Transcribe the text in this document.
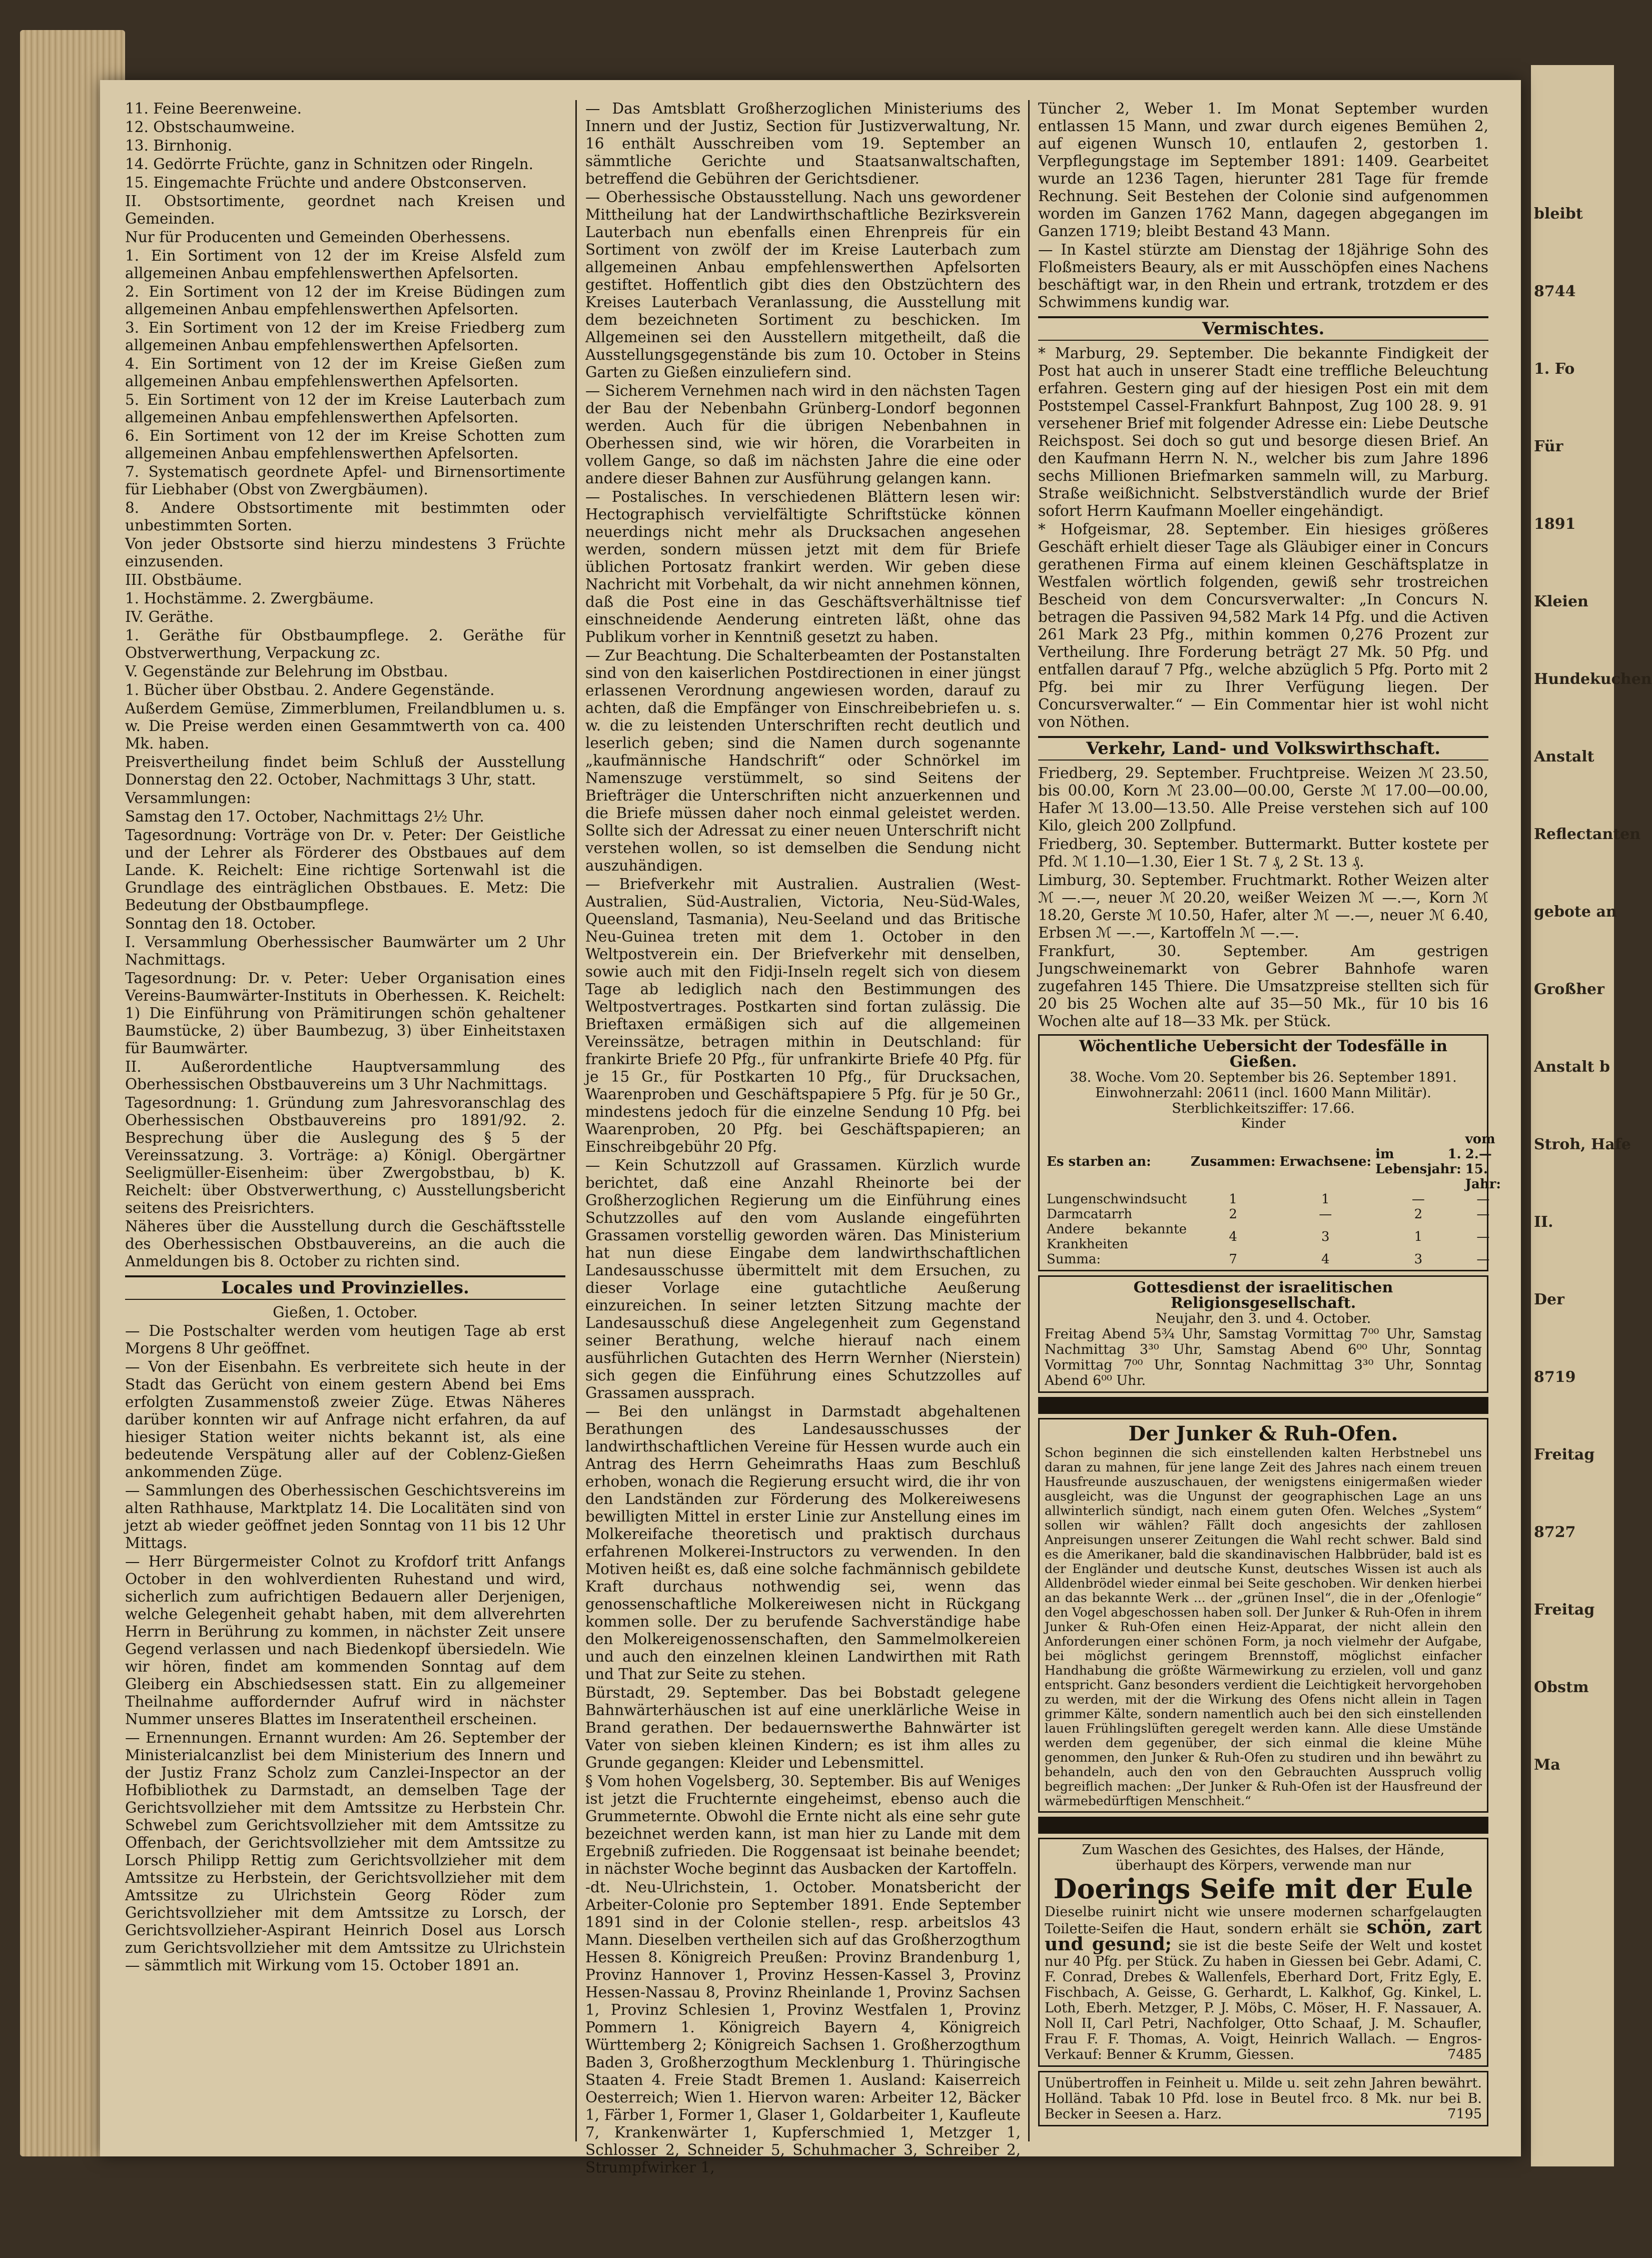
bleibt
8744
1. Fo
Für
1891
Kleien
Hundekuchen
Anstalt
Reflectanten
gebote an
Großher
Anstalt b
Stroh, Hafe
II.
Der
8719
Freitag
8727
Freitag
Obstm
Ma

11. Feine Beerenweine.

12. Obstschaumweine.

13. Birnhonig.

14. Gedörrte Früchte, ganz in Schnitzen oder Ringeln.

15. Eingemachte Früchte und andere Obstconserven.

II. Obstsortimente, geordnet nach Kreisen und Gemeinden.

Nur für Producenten und Gemeinden Oberhessens.

1. Ein Sortiment von 12 der im Kreise Alsfeld zum allgemeinen Anbau empfehlenswerthen Apfelsorten.

2. Ein Sortiment von 12 der im Kreise Büdingen zum allgemeinen Anbau empfehlenswerthen Apfelsorten.

3. Ein Sortiment von 12 der im Kreise Friedberg zum allgemeinen Anbau empfehlenswerthen Apfelsorten.

4. Ein Sortiment von 12 der im Kreise Gießen zum allgemeinen Anbau empfehlenswerthen Apfelsorten.

5. Ein Sortiment von 12 der im Kreise Lauterbach zum allgemeinen Anbau empfehlenswerthen Apfelsorten.

6. Ein Sortiment von 12 der im Kreise Schotten zum allgemeinen Anbau empfehlenswerthen Apfelsorten.

7. Systematisch geordnete Apfel- und Birnensortimente für Liebhaber (Obst von Zwergbäumen).

8. Andere Obstsortimente mit bestimmten oder unbestimmten Sorten.

Von jeder Obstsorte sind hierzu mindestens 3 Früchte einzusenden.

III. Obstbäume.

1. Hochstämme. 2. Zwergbäume.

IV. Geräthe.

1. Geräthe für Obstbaumpflege. 2. Geräthe für Obstverwerthung, Verpackung zc.

V. Gegenstände zur Belehrung im Obstbau.

1. Bücher über Obstbau. 2. Andere Gegenstände.

Außerdem Gemüse, Zimmerblumen, Freilandblumen u. s. w. Die Preise werden einen Gesammtwerth von ca. 400 Mk. haben.

Preisvertheilung findet beim Schluß der Ausstellung Donnerstag den 22. October, Nachmittags 3 Uhr, statt.

Versammlungen:

Samstag den 17. October, Nachmittags 2½ Uhr.

Tagesordnung: Vorträge von Dr. v. Peter: Der Geistliche und der Lehrer als Förderer des Obstbaues auf dem Lande. K. Reichelt: Eine richtige Sortenwahl ist die Grundlage des einträglichen Obstbaues. E. Metz: Die Bedeutung der Obstbaumpflege.

Sonntag den 18. October.

I. Versammlung Oberhessischer Baumwärter um 2 Uhr Nachmittags.

Tagesordnung: Dr. v. Peter: Ueber Organisation eines Vereins-Baumwärter-Instituts in Oberhessen. K. Reichelt: 1) Die Einführung von Prämitirungen schön gehaltener Baumstücke, 2) über Baumbezug, 3) über Einheitstaxen für Baumwärter.

II. Außerordentliche Hauptversammlung des Oberhessischen Obstbauvereins um 3 Uhr Nachmittags.

Tagesordnung: 1. Gründung zum Jahresvoranschlag des Oberhessischen Obstbauvereins pro 1891/92. 2. Besprechung über die Auslegung des § 5 der Vereinssatzung. 3. Vorträge: a) Königl. Obergärtner Seeligmüller-Eisenheim: über Zwergobstbau, b) K. Reichelt: über Obstverwerthung, c) Ausstellungsbericht seitens des Preisrichters.

Näheres über die Ausstellung durch die Geschäftsstelle des Oberhessischen Obstbauvereins, an die auch die Anmeldungen bis 8. October zu richten sind.

Locales und Provinzielles.

Gießen, 1. October.

— Die Postschalter werden vom heutigen Tage ab erst Morgens 8 Uhr geöffnet.

— Von der Eisenbahn. Es verbreitete sich heute in der Stadt das Gerücht von einem gestern Abend bei Ems erfolgten Zusammenstoß zweier Züge. Etwas Näheres darüber konnten wir auf Anfrage nicht erfahren, da auf hiesiger Station weiter nichts bekannt ist, als eine bedeutende Verspätung aller auf der Coblenz-Gießen ankommenden Züge.

— Sammlungen des Oberhessischen Geschichtsvereins im alten Rathhause, Marktplatz 14. Die Localitäten sind von jetzt ab wieder geöffnet jeden Sonntag von 11 bis 12 Uhr Mittags.

— Herr Bürgermeister Colnot zu Krofdorf tritt Anfangs October in den wohlverdienten Ruhestand und wird, sicherlich zum aufrichtigen Bedauern aller Derjenigen, welche Gelegenheit gehabt haben, mit dem allverehrten Herrn in Berührung zu kommen, in nächster Zeit unsere Gegend verlassen und nach Biedenkopf übersiedeln. Wie wir hören, findet am kommenden Sonntag auf dem Gleiberg ein Abschiedsessen statt. Ein zu allgemeiner Theilnahme auffordernder Aufruf wird in nächster Nummer unseres Blattes im Inseratentheil erscheinen.

— Ernennungen. Ernannt wurden: Am 26. September der Ministerialcanzlist bei dem Ministerium des Innern und der Justiz Franz Scholz zum Canzlei-Inspector an der Hofbibliothek zu Darmstadt, an demselben Tage der Gerichtsvollzieher mit dem Amtssitze zu Herbstein Chr. Schwebel zum Gerichtsvollzieher mit dem Amtssitze zu Offenbach, der Gerichtsvollzieher mit dem Amtssitze zu Lorsch Philipp Rettig zum Gerichtsvollzieher mit dem Amtssitze zu Herbstein, der Gerichtsvollzieher mit dem Amtssitze zu Ulrichstein Georg Röder zum Gerichtsvollzieher mit dem Amtssitze zu Lorsch, der Gerichtsvollzieher-Aspirant Heinrich Dosel aus Lorsch zum Gerichtsvollzieher mit dem Amtssitze zu Ulrichstein — sämmtlich mit Wirkung vom 15. October 1891 an.

— Das Amtsblatt Großherzoglichen Ministeriums des Innern und der Justiz, Section für Justizverwaltung, Nr. 16 enthält Ausschreiben vom 19. September an sämmtliche Gerichte und Staatsanwaltschaften, betreffend die Gebühren der Gerichtsdiener.

— Oberhessische Obstausstellung. Nach uns gewordener Mittheilung hat der Landwirthschaftliche Bezirksverein Lauterbach nun ebenfalls einen Ehrenpreis für ein Sortiment von zwölf der im Kreise Lauterbach zum allgemeinen Anbau empfehlenswerthen Apfelsorten gestiftet. Hoffentlich gibt dies den Obstzüchtern des Kreises Lauterbach Veranlassung, die Ausstellung mit dem bezeichneten Sortiment zu beschicken. Im Allgemeinen sei den Ausstellern mitgetheilt, daß die Ausstellungsgegenstände bis zum 10. October in Steins Garten zu Gießen einzuliefern sind.

— Sicherem Vernehmen nach wird in den nächsten Tagen der Bau der Nebenbahn Grünberg-Londorf begonnen werden. Auch für die übrigen Nebenbahnen in Oberhessen sind, wie wir hören, die Vorarbeiten in vollem Gange, so daß im nächsten Jahre die eine oder andere dieser Bahnen zur Ausführung gelangen kann.

— Postalisches. In verschiedenen Blättern lesen wir: Hectographisch vervielfältigte Schriftstücke können neuerdings nicht mehr als Drucksachen angesehen werden, sondern müssen jetzt mit dem für Briefe üblichen Portosatz frankirt werden. Wir geben diese Nachricht mit Vorbehalt, da wir nicht annehmen können, daß die Post eine in das Geschäftsverhältnisse tief einschneidende Aenderung eintreten läßt, ohne das Publikum vorher in Kenntniß gesetzt zu haben.

— Zur Beachtung. Die Schalterbeamten der Postanstalten sind von den kaiserlichen Postdirectionen in einer jüngst erlassenen Verordnung angewiesen worden, darauf zu achten, daß die Empfänger von Einschreibebriefen u. s. w. die zu leistenden Unterschriften recht deutlich und leserlich geben; sind die Namen durch sogenannte „kaufmännische Handschrift“ oder Schnörkel im Namenszuge verstümmelt, so sind Seitens der Briefträger die Unterschriften nicht anzuerkennen und die Briefe müssen daher noch einmal geleistet werden. Sollte sich der Adressat zu einer neuen Unterschrift nicht verstehen wollen, so ist demselben die Sendung nicht auszuhändigen.

— Briefverkehr mit Australien. Australien (West-Australien, Süd-Australien, Victoria, Neu-Süd-Wales, Queensland, Tasmania), Neu-Seeland und das Britische Neu-Guinea treten mit dem 1. October in den Weltpostverein ein. Der Briefverkehr mit denselben, sowie auch mit den Fidji-Inseln regelt sich von diesem Tage ab lediglich nach den Bestimmungen des Weltpostvertrages. Postkarten sind fortan zulässig. Die Brieftaxen ermäßigen sich auf die allgemeinen Vereinssätze, betragen mithin in Deutschland: für frankirte Briefe 20 Pfg., für unfrankirte Briefe 40 Pfg. für je 15 Gr., für Postkarten 10 Pfg., für Drucksachen, Waarenproben und Geschäftspapiere 5 Pfg. für je 50 Gr., mindestens jedoch für die einzelne Sendung 10 Pfg. bei Waarenproben, 20 Pfg. bei Geschäftspapieren; an Einschreibgebühr 20 Pfg.

— Kein Schutzzoll auf Grassamen. Kürzlich wurde berichtet, daß eine Anzahl Rheinorte bei der Großherzoglichen Regierung um die Einführung eines Schutzzolles auf den vom Auslande eingeführten Grassamen vorstellig geworden wären. Das Ministerium hat nun diese Eingabe dem landwirthschaftlichen Landesausschusse übermittelt mit dem Ersuchen, zu dieser Vorlage eine gutachtliche Aeußerung einzureichen. In seiner letzten Sitzung machte der Landesausschuß diese Angelegenheit zum Gegenstand seiner Berathung, welche hierauf nach einem ausführlichen Gutachten des Herrn Wernher (Nierstein) sich gegen die Einführung eines Schutzzolles auf Grassamen aussprach.

— Bei den unlängst in Darmstadt abgehaltenen Berathungen des Landesausschusses der landwirthschaftlichen Vereine für Hessen wurde auch ein Antrag des Herrn Geheimraths Haas zum Beschluß erhoben, wonach die Regierung ersucht wird, die ihr von den Landständen zur Förderung des Molkereiwesens bewilligten Mittel in erster Linie zur Anstellung eines im Molkereifache theoretisch und praktisch durchaus erfahrenen Molkerei-Instructors zu verwenden. In den Motiven heißt es, daß eine solche fachmännisch gebildete Kraft durchaus nothwendig sei, wenn das genossenschaftliche Molkereiwesen nicht in Rückgang kommen solle. Der zu berufende Sachverständige habe den Molkereigenossenschaften, den Sammelmolkereien und auch den einzelnen kleinen Landwirthen mit Rath und That zur Seite zu stehen.

Bürstadt, 29. September. Das bei Bobstadt gelegene Bahnwärterhäuschen ist auf eine unerklärliche Weise in Brand gerathen. Der bedauernswerthe Bahnwärter ist Vater von sieben kleinen Kindern; es ist ihm alles zu Grunde gegangen: Kleider und Lebensmittel.

§ Vom hohen Vogelsberg, 30. September. Bis auf Weniges ist jetzt die Fruchternte eingeheimst, ebenso auch die Grummeternte. Obwohl die Ernte nicht als eine sehr gute bezeichnet werden kann, ist man hier zu Lande mit dem Ergebniß zufrieden. Die Roggensaat ist beinahe beendet; in nächster Woche beginnt das Ausbacken der Kartoffeln.

-dt. Neu-Ulrichstein, 1. October. Monatsbericht der Arbeiter-Colonie pro September 1891. Ende September 1891 sind in der Colonie stellen-, resp. arbeitslos 43 Mann. Dieselben vertheilen sich auf das Großherzogthum Hessen 8. Königreich Preußen: Provinz Brandenburg 1, Provinz Hannover 1, Provinz Hessen-Kassel 3, Provinz Hessen-Nassau 8, Provinz Rheinlande 1, Provinz Sachsen 1, Provinz Schlesien 1, Provinz Westfalen 1, Provinz Pommern 1. Königreich Bayern 4, Königreich Württemberg 2; Königreich Sachsen 1. Großherzogthum Baden 3, Großherzogthum Mecklenburg 1. Thüringische Staaten 4. Freie Stadt Bremen 1. Ausland: Kaiserreich Oesterreich; Wien 1. Hiervon waren: Arbeiter 12, Bäcker 1, Färber 1, Former 1, Glaser 1, Goldarbeiter 1, Kaufleute 7, Krankenwärter 1, Kupferschmied 1, Metzger 1, Schlosser 2, Schneider 5, Schuhmacher 3, Schreiber 2, Strumpfwirker 1,

Tüncher 2, Weber 1. Im Monat September wurden entlassen 15 Mann, und zwar durch eigenes Bemühen 2, auf eigenen Wunsch 10, entlaufen 2, gestorben 1. Verpflegungstage im September 1891: 1409. Gearbeitet wurde an 1236 Tagen, hierunter 281 Tage für fremde Rechnung. Seit Bestehen der Colonie sind aufgenommen worden im Ganzen 1762 Mann, dagegen abgegangen im Ganzen 1719; bleibt Bestand 43 Mann.

— In Kastel stürzte am Dienstag der 18jährige Sohn des Floßmeisters Beaury, als er mit Ausschöpfen eines Nachens beschäftigt war, in den Rhein und ertrank, trotzdem er des Schwimmens kundig war.

Vermischtes.

* Marburg, 29. September. Die bekannte Findigkeit der Post hat auch in unserer Stadt eine treffliche Beleuchtung erfahren. Gestern ging auf der hiesigen Post ein mit dem Poststempel Cassel-Frankfurt Bahnpost, Zug 100 28. 9. 91 versehener Brief mit folgender Adresse ein: Liebe Deutsche Reichspost. Sei doch so gut und besorge diesen Brief. An den Kaufmann Herrn N. N., welcher bis zum Jahre 1896 sechs Millionen Briefmarken sammeln will, zu Marburg. Straße weißichnicht. Selbstverständlich wurde der Brief sofort Herrn Kaufmann Moeller eingehändigt.

* Hofgeismar, 28. September. Ein hiesiges größeres Geschäft erhielt dieser Tage als Gläubiger einer in Concurs gerathenen Firma auf einem kleinen Geschäftsplatze in Westfalen wörtlich folgenden, gewiß sehr trostreichen Bescheid von dem Concursverwalter: „In Concurs N. betragen die Passiven 94,582 Mark 14 Pfg. und die Activen 261 Mark 23 Pfg., mithin kommen 0,276 Prozent zur Vertheilung. Ihre Forderung beträgt 27 Mk. 50 Pfg. und entfallen darauf 7 Pfg., welche abzüglich 5 Pfg. Porto mit 2 Pfg. bei mir zu Ihrer Verfügung liegen. Der Concursverwalter.“ — Ein Commentar hier ist wohl nicht von Nöthen.

Verkehr, Land- und Volkswirthschaft.

Friedberg, 29. September. Fruchtpreise. Weizen ℳ 23.50, bis 00.00, Korn ℳ 23.00—00.00, Gerste ℳ 17.00—00.00, Hafer ℳ 13.00—13.50. Alle Preise verstehen sich auf 100 Kilo, gleich 200 Zollpfund.

Friedberg, 30. September. Buttermarkt. Butter kostete per Pfd. ℳ 1.10—1.30, Eier 1 St. 7 ₰, 2 St. 13 ₰.

Limburg, 30. September. Fruchtmarkt. Rother Weizen alter ℳ —.—, neuer ℳ 20.20, weißer Weizen ℳ —.—, Korn ℳ 18.20, Gerste ℳ 10.50, Hafer, alter ℳ —.—, neuer ℳ 6.40, Erbsen ℳ —.—, Kartoffeln ℳ —.—.

Frankfurt, 30. September. Am gestrigen Jungschweinemarkt von Gebrer Bahnhofe waren zugefahren 145 Thiere. Die Umsatzpreise stellten sich für 20 bis 25 Wochen alte auf 35—50 Mk., für 10 bis 16 Wochen alte auf 18—33 Mk. per Stück.

Wöchentliche Uebersicht der Todesfälle in Gießen.
38. Woche. Vom 20. September bis 26. September 1891.
Einwohnerzahl: 20611 (incl. 1600 Mann Militär).
Sterblichkeitsziffer: 17.66.
Kinder
Es starben an:	Zusammen:	Erwachsene:	im 1. Lebensjahr:	vom 2.—15. Jahr:
Lungenschwindsucht	1	1	—	—
Darmcatarrh	2	—	2	—
Andere bekannte Krankheiten	4	3	1	—
Summa:	7	4	3	—
Gottesdienst der israelitischen Religionsgesellschaft.
Neujahr, den 3. und 4. October.
Freitag Abend 5¾ Uhr, Samstag Vormittag 7⁰⁰ Uhr, Samstag Nachmittag 3³⁰ Uhr, Samstag Abend 6⁰⁰ Uhr, Sonntag Vormittag 7⁰⁰ Uhr, Sonntag Nachmittag 3³⁰ Uhr, Sonntag Abend 6⁰⁰ Uhr.
Der Junker & Ruh-Ofen.
Schon beginnen die sich einstellenden kalten Herbstnebel uns daran zu mahnen, für jene lange Zeit des Jahres nach einem treuen Hausfreunde auszuschauen, der wenigstens einigermaßen wieder ausgleicht, was die Ungunst der geographischen Lage an uns allwinterlich sündigt, nach einem guten Ofen. Welches „System“ sollen wir wählen? Fällt doch angesichts der zahllosen Anpreisungen unserer Zeitungen die Wahl recht schwer. Bald sind es die Amerikaner, bald die skandinavischen Halbbrüder, bald ist es der Engländer und deutsche Kunst, deutsches Wissen ist auch als Alldenbrödel wieder einmal bei Seite geschoben. Wir denken hierbei an das bekannte Werk ... der „grünen Insel“, die in der „Ofenlogie“ den Vogel abgeschossen haben soll. Der Junker & Ruh-Ofen in ihrem Junker & Ruh-Ofen einen Heiz-Apparat, der nicht allein den Anforderungen einer schönen Form, ja noch vielmehr der Aufgabe, bei möglichst geringem Brennstoff, möglichst einfacher Handhabung die größte Wärmewirkung zu erzielen, voll und ganz entspricht. Ganz besonders verdient die Leichtigkeit hervorgehoben zu werden, mit der die Wirkung des Ofens nicht allein in Tagen grimmer Kälte, sondern namentlich auch bei den sich einstellenden lauen Frühlingslüften geregelt werden kann. Alle diese Umstände werden dem gegenüber, der sich einmal die kleine Mühe genommen, den Junker & Ruh-Ofen zu studiren und ihn bewährt zu behandeln, auch den von den Gebrauchten Ausspruch vollig begreiflich machen: „Der Junker & Ruh-Ofen ist der Hausfreund der wärmebedürftigen Menschheit.“
Zum Waschen des Gesichtes, des Halses, der Hände, überhaupt des Körpers, verwende man nur
Doerings Seife mit der Eule
Dieselbe ruinirt nicht wie unsere modernen scharfgelaugten Toilette-Seifen die Haut, sondern erhält sie schön, zart und gesund; sie ist die beste Seife der Welt und kostet nur 40 Pfg. per Stück. Zu haben in Giessen bei Gebr. Adami, C. F. Conrad, Drebes & Wallenfels, Eberhard Dort, Fritz Egly, E. Fischbach, A. Geisse, G. Gerhardt, L. Kalkhof, Gg. Kinkel, L. Loth, Eberh. Metzger, P. J. Möbs, C. Möser, H. F. Nassauer, A. Noll II, Carl Petri, Nachfolger, Otto Schaaf, J. M. Schaufler, Frau F. F. Thomas, A. Voigt, Heinrich Wallach. — Engros-Verkauf: Benner & Krumm, Giessen.	7485
Unübertroffen in Feinheit u. Milde u. seit zehn Jahren bewährt. Holländ. Tabak 10 Pfd. lose in Beutel frco. 8 Mk. nur bei B. Becker in Seesen a. Harz.	7195
